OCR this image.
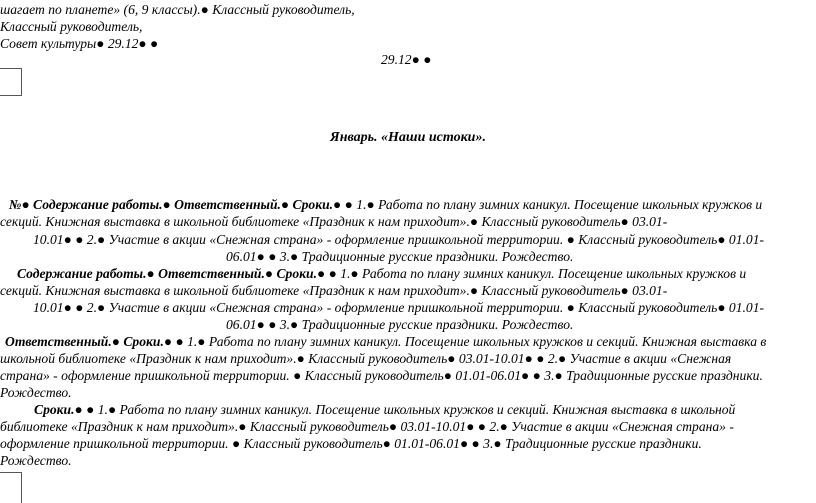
шагает по планете» (6, 9 классы).● Классный руководитель,
Классный руководитель,
Совет культуры● 29.12● ●
29.12● ●
Январь. «Наши истоки».
№● Содержание работы.● Ответственный.● Сроки.● ● 1.● Работа по плану зимних каникул. Посещение школьных кружков и
секций. Книжная выставка в школьной библиотеке «Праздник к нам приходит».● Классный руководитель● 03.01-
10.01● ● 2.● Участие в акции «Снежная страна» - оформление пришкольной территории. ● Классный руководитель● 01.01-
06.01● ● 3.● Традиционные русские праздники. Рождество.
Содержание работы.● Ответственный.● Сроки.● ● 1.● Работа по плану зимних каникул. Посещение школьных кружков и
секций. Книжная выставка в школьной библиотеке «Праздник к нам приходит».● Классный руководитель● 03.01-
10.01● ● 2.● Участие в акции «Снежная страна» - оформление пришкольной территории. ● Классный руководитель● 01.01-
06.01● ● 3.● Традиционные русские праздники. Рождество.
Ответственный.● Сроки.● ● 1.● Работа по плану зимних каникул. Посещение школьных кружков и секций. Книжная выставка в
школьной библиотеке «Праздник к нам приходит».● Классный руководитель● 03.01-10.01● ● 2.● Участие в акции «Снежная
страна» - оформление пришкольной территории. ● Классный руководитель● 01.01-06.01● ● 3.● Традиционные русские праздники.
Рождество.
Сроки.● ● 1.● Работа по плану зимних каникул. Посещение школьных кружков и секций. Книжная выставка в школьной
библиотеке «Праздник к нам приходит».● Классный руководитель● 03.01-10.01● ● 2.● Участие в акции «Снежная страна» -
оформление пришкольной территории. ● Классный руководитель● 01.01-06.01● ● 3.● Традиционные русские праздники.
Рождество.
